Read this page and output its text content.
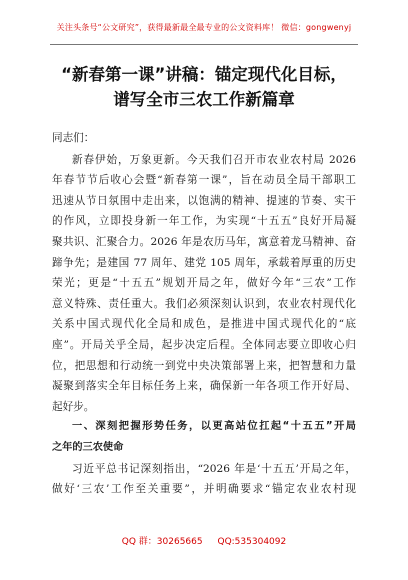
关注头条号“公文研究”，获得最新最全最专业的公文资料库！ 微信：gongwenyj
“新春第一课”讲稿：锚定现代化目标，
谱写全市三农工作新篇章
同志们：
新春伊始，万象更新。今天我们召开市农业农村局 2026
年春节节后收心会暨“新春第一课”，旨在动员全局干部职工
迅速从节日氛围中走出来，以饱满的精神、提速的节奏、实干
的作风，立即投身新一年工作，为实现“十五五”良好开局凝
聚共识、汇聚合力。2026 年是农历马年，寓意着龙马精神、奋
蹄争先；是建国 77 周年、建党 105 周年，承载着厚重的历史
荣光；更是“十五五”规划开局之年，做好今年“三农”工作
意义特殊、责任重大。我们必须深刻认识到，农业农村现代化
关系中国式现代化全局和成色，是推进中国式现代化的“底
座”。开局关乎全局，起步决定后程。全体同志要立即收心归
位，把思想和行动统一到党中央决策部署上来，把智慧和力量
凝聚到落实全年目标任务上来，确保新一年各项工作开好局、
起好步。
一、深刻把握形势任务，以更高站位扛起“十五五”开局
之年的三农使命
习近平总书记深刻指出，“2026 年是‘十五五’开局之年，
做好‘三农’工作至关重要”，并明确要求“锚定农业农村现
QQ 群：30265665 QQ:535304092
